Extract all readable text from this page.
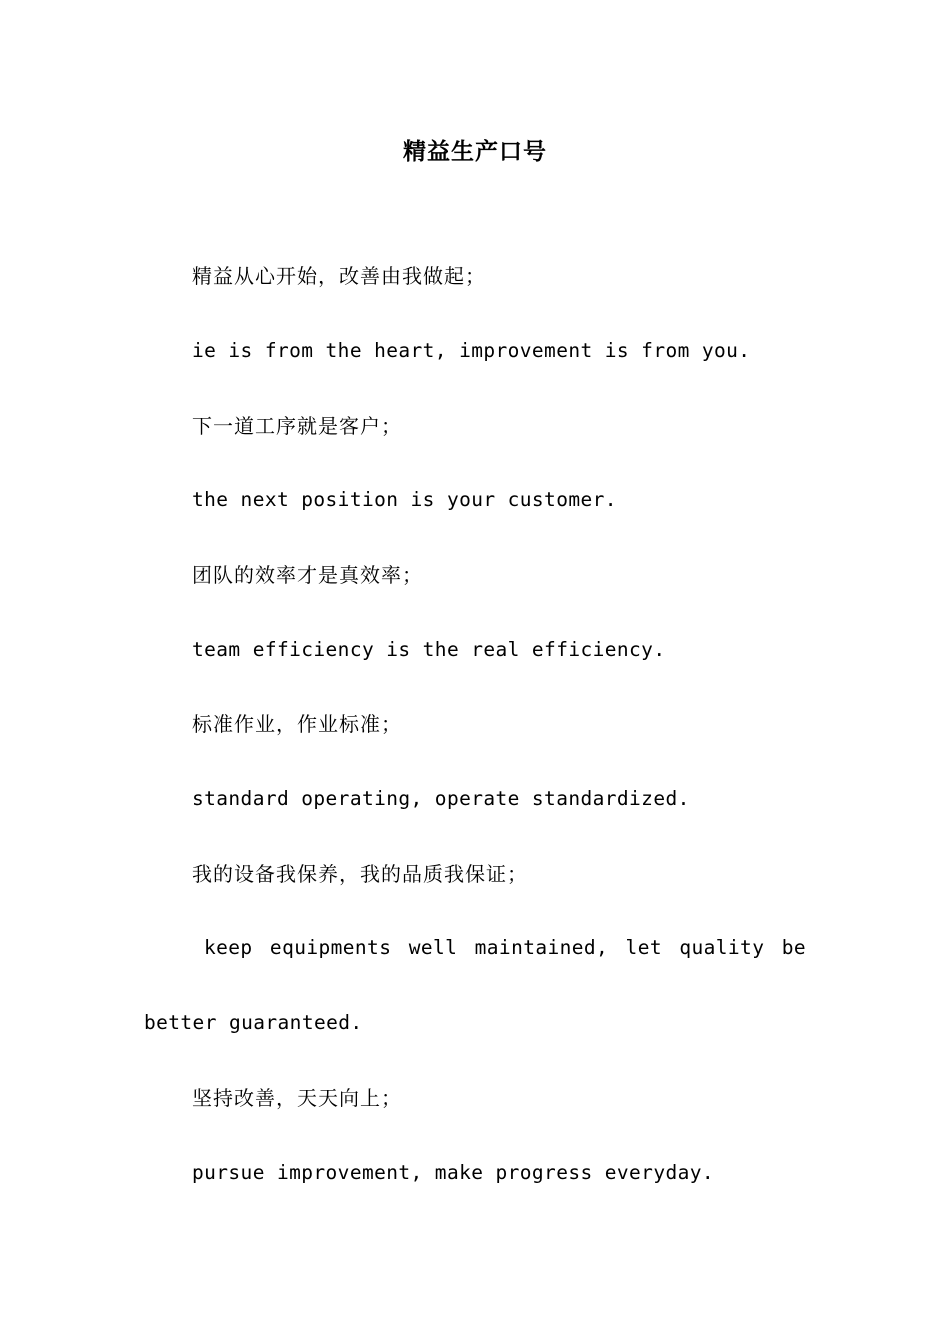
精益生产口号
精益从心开始，改善由我做起；
ie is from the heart, improvement is from you.
下一道工序就是客户；
the next position is your customer.
团队的效率才是真效率；
team efficiency is the real efficiency.
标准作业，作业标准；
standard operating, operate standardized.
我的设备我保养，我的品质我保证；
keep equipments well maintained, let quality be
better guaranteed.
坚持改善，天天向上；
pursue improvement, make progress everyday.
